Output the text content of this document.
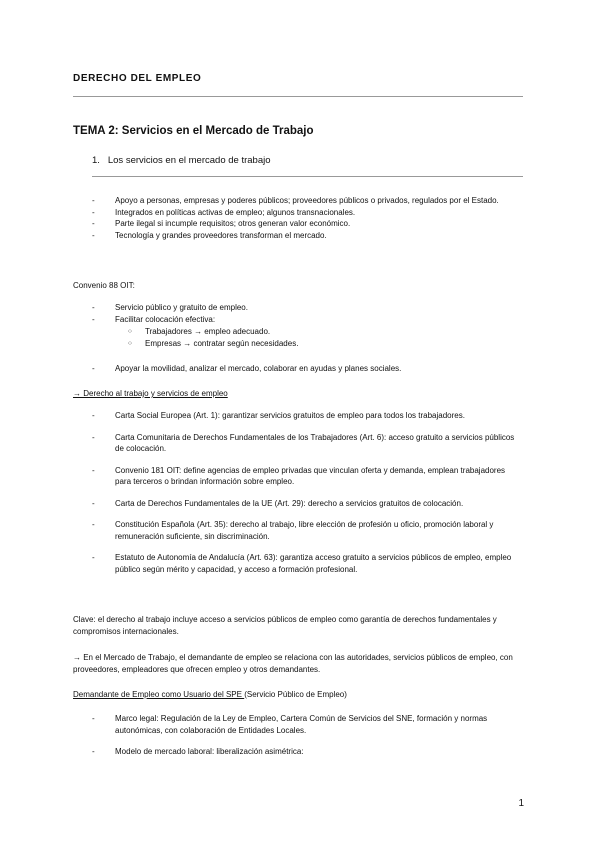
DERECHO DEL EMPLEO
TEMA 2: Servicios en el Mercado de Trabajo
1. Los servicios en el mercado de trabajo
- Apoyo a personas, empresas y poderes públicos; proveedores públicos o privados, regulados por el Estado.
- Integrados en políticas activas de empleo; algunos transnacionales.
- Parte ilegal si incumple requisitos; otros generan valor económico.
- Tecnología y grandes proveedores transforman el mercado.
Convenio 88 OIT:
- Servicio público y gratuito de empleo.
- Facilitar colocación efectiva:
○ Trabajadores → empleo adecuado.
○ Empresas → contratar según necesidades.
- Apoyar la movilidad, analizar el mercado, colaborar en ayudas y planes sociales.
→ Derecho al trabajo y servicios de empleo
- Carta Social Europea (Art. 1): garantizar servicios gratuitos de empleo para todos los trabajadores.
- Carta Comunitaria de Derechos Fundamentales de los Trabajadores (Art. 6): acceso gratuito a servicios públicos de colocación.
- Convenio 181 OIT: define agencias de empleo privadas que vinculan oferta y demanda, emplean trabajadores para terceros o brindan información sobre empleo.
- Carta de Derechos Fundamentales de la UE (Art. 29): derecho a servicios gratuitos de colocación.
- Constitución Española (Art. 35): derecho al trabajo, libre elección de profesión u oficio, promoción laboral y remuneración suficiente, sin discriminación.
- Estatuto de Autonomía de Andalucía (Art. 63): garantiza acceso gratuito a servicios públicos de empleo, empleo público según mérito y capacidad, y acceso a formación profesional.
Clave: el derecho al trabajo incluye acceso a servicios públicos de empleo como garantía de derechos fundamentales y compromisos internacionales.
→ En el Mercado de Trabajo, el demandante de empleo se relaciona con las autoridades, servicios públicos de empleo, con proveedores, empleadores que ofrecen empleo y otros demandantes.
Demandante de Empleo como Usuario del SPE (Servicio Público de Empleo)
- Marco legal: Regulación de la Ley de Empleo, Cartera Común de Servicios del SNE, formación y normas autonómicas, con colaboración de Entidades Locales.
- Modelo de mercado laboral: liberalización asimétrica:
1
